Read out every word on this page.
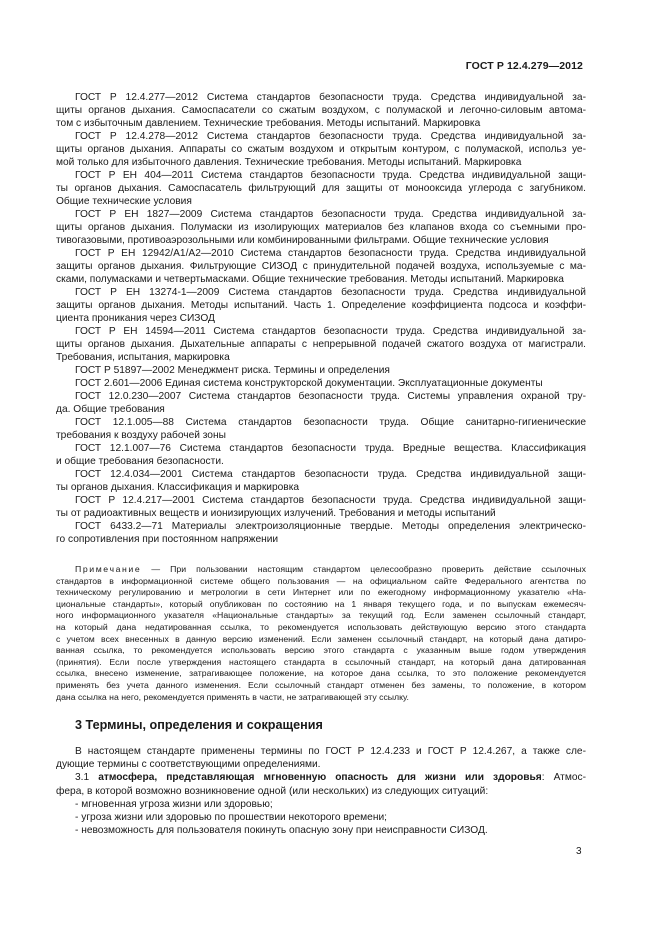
ГОСТ Р 12.4.279—2012
ГОСТ Р 12.4.277—2012 Система стандартов безопасности труда. Средства индивидуальной за-
щиты органов дыхания. Самоспасатели со сжатым воздухом, с полумаской и легочно-силовым автома-
том с избыточным давлением. Технические требования. Методы испытаний. Маркировка
ГОСТ Р 12.4.278—2012 Система стандартов безопасности труда. Средства индивидуальной за-
щиты органов дыхания. Аппараты со сжатым воздухом и открытым контуром, с полумаской, использ уе-
мой только для избыточного давления. Технические требования. Методы испытаний. Маркировка
ГОСТ Р ЕН 404—2011 Система стандартов безопасности труда. Средства индивидуальной защи-
ты органов дыхания. Самоспасатель фильтрующий для защиты от монооксида углерода с загубником.
Общие технические условия
ГОСТ Р ЕН 1827—2009 Система стандартов безопасности труда. Средства индивидуальной за-
щиты органов дыхания. Полумаски из изолирующих материалов без клапанов входа со съемными про-
тивогазовыми, противоаэрозольными или комбинированными фильтрами. Общие технические условия
ГОСТ Р ЕН 12942/А1/А2—2010 Система стандартов безопасности труда. Средства индивидуальной
защиты органов дыхания. Фильтрующие СИЗОД с принудительной подачей воздуха, используемые с ма-
сками, полумасками и четвертьмасками. Общие технические требования. Методы испытаний. Маркировка
ГОСТ Р ЕН 13274-1—2009 Система стандартов безопасности труда. Средства индивидуальной
защиты органов дыхания. Методы испытаний. Часть 1. Определение коэффициента подсоса и коэффи-
циента проникания через СИЗОД
ГОСТ Р ЕН 14594—2011 Система стандартов безопасности труда. Средства индивидуальной за-
щиты органов дыхания. Дыхательные аппараты с непрерывной подачей сжатого воздуха от магистрали.
Требования, испытания, маркировка
ГОСТ Р 51897—2002 Менеджмент риска. Термины и определения
ГОСТ 2.601—2006 Единая система конструкторской документации. Эксплуатационные документы
ГОСТ 12.0.230—2007 Система стандартов безопасности труда. Системы управления охраной тру-
да. Общие требования
ГОСТ 12.1.005—88 Система стандартов безопасности труда. Общие санитарно-гигиенические
требования к воздуху рабочей зоны
ГОСТ 12.1.007—76 Система стандартов безопасности труда. Вредные вещества. Классификация
и общие требования безопасности.
ГОСТ 12.4.034—2001 Система стандартов безопасности труда. Средства индивидуальной защи-
ты органов дыхания. Классификация и маркировка
ГОСТ Р 12.4.217—2001 Система стандартов безопасности труда. Средства индивидуальной защи-
ты от радиоактивных веществ и ионизирующих излучений. Требования и методы испытаний
ГОСТ 6433.2—71 Материалы электроизоляционные твердые. Методы определения электрическо-
го сопротивления при постоянном напряжении
Примечание — При пользовании настоящим стандартом целесообразно проверить действие ссылочных
стандартов в информационной системе общего пользования — на официальном сайте Федерального агентства по
техническому регулированию и метрологии в сети Интернет или по ежегодному информационному указателю «На-
циональные стандарты», который опубликован по состоянию на 1 января текущего года, и по выпускам ежемесяч-
ного информационного указателя «Национальные стандарты» за текущий год. Если заменен ссылочный стандарт,
на который дана недатированная ссылка, то рекомендуется использовать действующую версию этого стандарта
с учетом всех внесенных в данную версию изменений. Если заменен ссылочный стандарт, на который дана датиро-
ванная ссылка, то рекомендуется использовать версию этого стандарта с указанным выше годом утверждения
(принятия). Если после утверждения настоящего стандарта в ссылочный стандарт, на который дана датированная
ссылка, внесено изменение, затрагивающее положение, на которое дана ссылка, то это положение рекомендуется
применять без учета данного изменения. Если ссылочный стандарт отменен без замены, то положение, в котором
дана ссылка на него, рекомендуется применять в части, не затрагивающей эту ссылку.
3 Термины, определения и сокращения
В настоящем стандарте применены термины по ГОСТ Р 12.4.233 и ГОСТ Р 12.4.267, а также сле-
дующие термины с соответствующими определениями.
3.1 атмосфера, представляющая мгновенную опасность для жизни или здоровья: Атмос-
фера, в которой возможно возникновение одной (или нескольких) из следующих ситуаций:
- мгновенная угроза жизни или здоровью;
- угроза жизни или здоровью по прошествии некоторого времени;
- невозможность для пользователя покинуть опасную зону при неисправности СИЗОД.
3
